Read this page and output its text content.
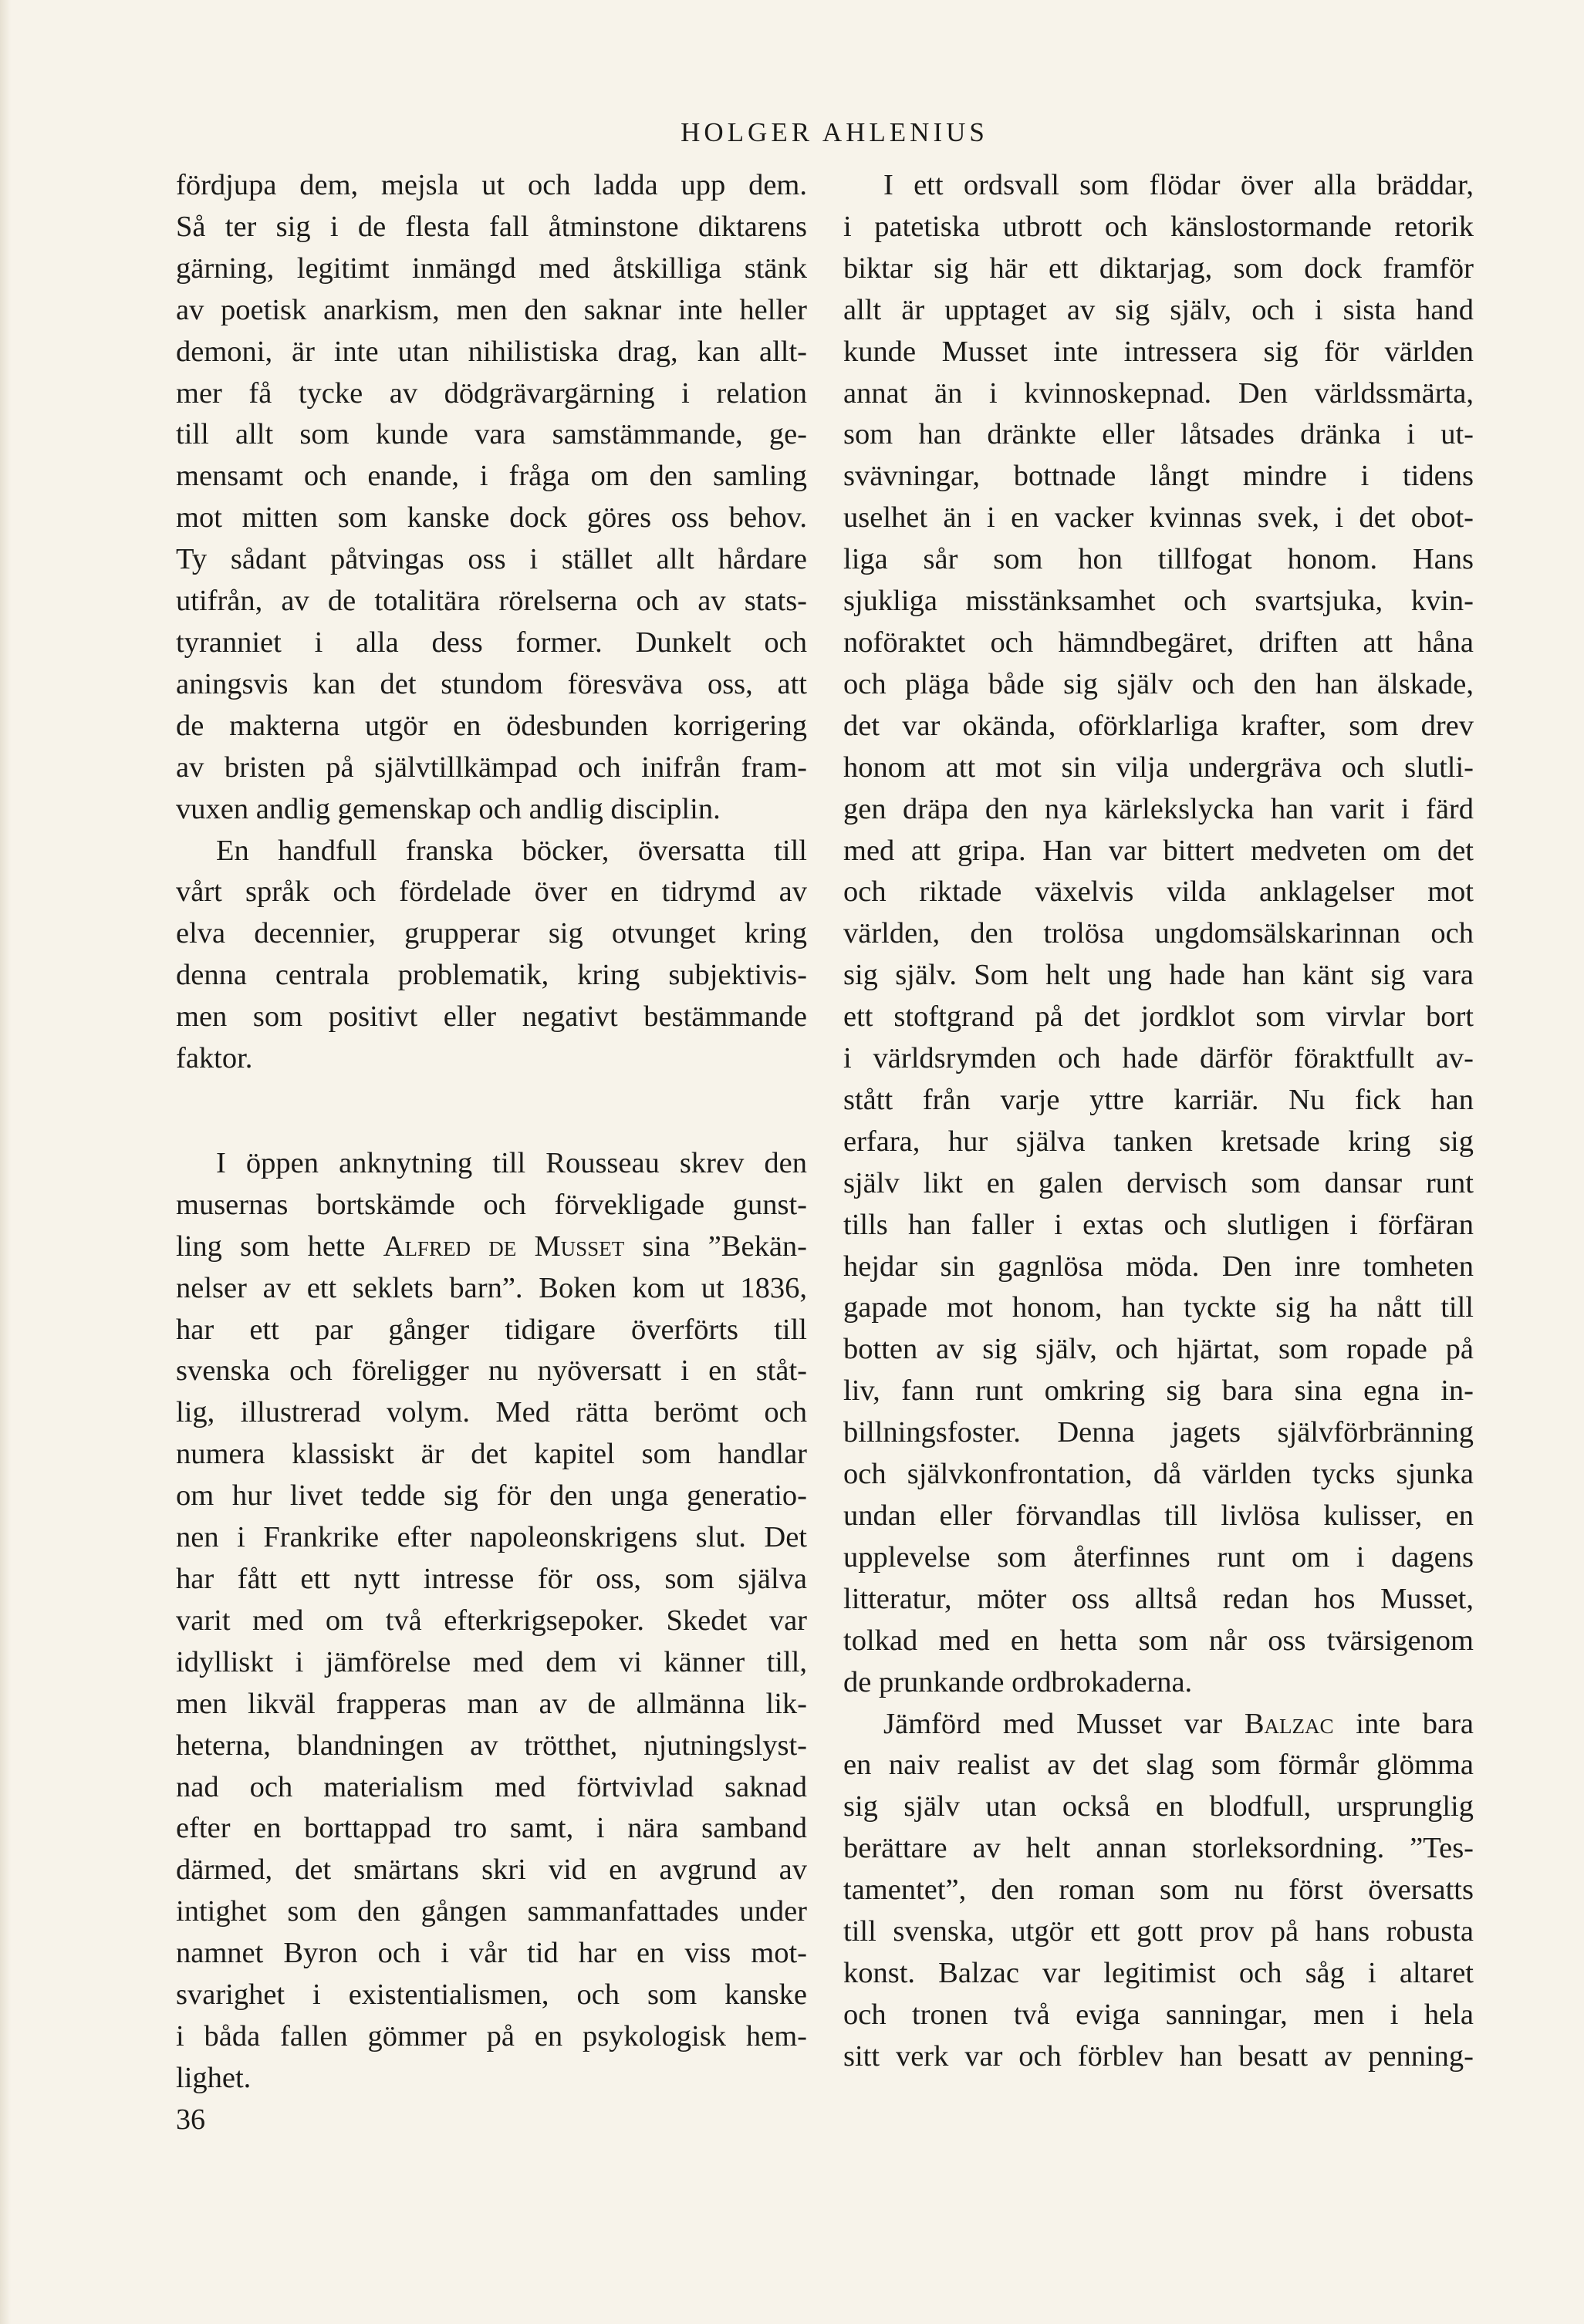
HOLGER AHLENIUS
fördjupa dem, mejsla ut och ladda upp dem.
Så ter sig i de flesta fall åtminstone diktarens
gärning, legitimt inmängd med åtskilliga stänk
av poetisk anarkism, men den saknar inte heller
demoni, är inte utan nihilistiska drag, kan allt-
mer få tycke av dödgrävargärning i relation
till allt som kunde vara samstämmande, ge-
mensamt och enande, i fråga om den samling
mot mitten som kanske dock göres oss behov.
Ty sådant påtvingas oss i stället allt hårdare
utifrån, av de totalitära rörelserna och av stats-
tyranniet i alla dess former. Dunkelt och
aningsvis kan det stundom föresväva oss, att
de makterna utgör en ödesbunden korrigering
av bristen på självtillkämpad och inifrån fram-
vuxen andlig gemenskap och andlig disciplin.
En handfull franska böcker, översatta till
vårt språk och fördelade över en tidrymd av
elva decennier, grupperar sig otvunget kring
denna centrala problematik, kring subjektivis-
men som positivt eller negativt bestämmande
faktor.
I öppen anknytning till Rousseau skrev den
musernas bortskämde och förvekligade gunst-
ling som hette Alfred de Musset sina ”Bekän-
nelser av ett seklets barn”. Boken kom ut 1836,
har ett par gånger tidigare överförts till
svenska och föreligger nu nyöversatt i en ståt-
lig, illustrerad volym. Med rätta berömt och
numera klassiskt är det kapitel som handlar
om hur livet tedde sig för den unga generatio-
nen i Frankrike efter napoleonskrigens slut. Det
har fått ett nytt intresse för oss, som själva
varit med om två efterkrigsepoker. Skedet var
idylliskt i jämförelse med dem vi känner till,
men likväl frapperas man av de allmänna lik-
heterna, blandningen av trötthet, njutningslyst-
nad och materialism med förtvivlad saknad
efter en borttappad tro samt, i nära samband
därmed, det smärtans skri vid en avgrund av
intighet som den gången sammanfattades under
namnet Byron och i vår tid har en viss mot-
svarighet i existentialismen, och som kanske
i båda fallen gömmer på en psykologisk hem-
lighet.
I ett ordsvall som flödar över alla bräddar,
i patetiska utbrott och känslostormande retorik
biktar sig här ett diktarjag, som dock framför
allt är upptaget av sig själv, och i sista hand
kunde Musset inte intressera sig för världen
annat än i kvinnoskepnad. Den världssmärta,
som han dränkte eller låtsades dränka i ut-
svävningar, bottnade långt mindre i tidens
uselhet än i en vacker kvinnas svek, i det obot-
liga sår som hon tillfogat honom. Hans
sjukliga misstänksamhet och svartsjuka, kvin-
noföraktet och hämndbegäret, driften att håna
och pläga både sig själv och den han älskade,
det var okända, oförklarliga krafter, som drev
honom att mot sin vilja undergräva och slutli-
gen dräpa den nya kärlekslycka han varit i färd
med att gripa. Han var bittert medveten om det
och riktade växelvis vilda anklagelser mot
världen, den trolösa ungdomsälskarinnan och
sig själv. Som helt ung hade han känt sig vara
ett stoftgrand på det jordklot som virvlar bort
i världsrymden och hade därför föraktfullt av-
stått från varje yttre karriär. Nu fick han
erfara, hur själva tanken kretsade kring sig
själv likt en galen dervisch som dansar runt
tills han faller i extas och slutligen i förfäran
hejdar sin gagnlösa möda. Den inre tomheten
gapade mot honom, han tyckte sig ha nått till
botten av sig själv, och hjärtat, som ropade på
liv, fann runt omkring sig bara sina egna in-
billningsfoster. Denna jagets självförbränning
och självkonfrontation, då världen tycks sjunka
undan eller förvandlas till livlösa kulisser, en
upplevelse som återfinnes runt om i dagens
litteratur, möter oss alltså redan hos Musset,
tolkad med en hetta som når oss tvärsigenom
de prunkande ordbrokaderna.
Jämförd med Musset var Balzac inte bara
en naiv realist av det slag som förmår glömma
sig själv utan också en blodfull, ursprunglig
berättare av helt annan storleksordning. ”Tes-
tamentet”, den roman som nu först översatts
till svenska, utgör ett gott prov på hans robusta
konst. Balzac var legitimist och såg i altaret
och tronen två eviga sanningar, men i hela
sitt verk var och förblev han besatt av penning-
36
